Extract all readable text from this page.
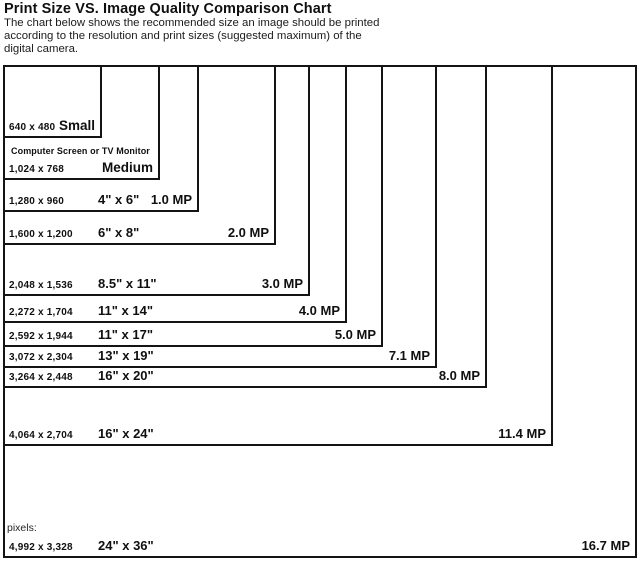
Print Size VS. Image Quality Comparison Chart
The chart below shows the recommended size an image should be printed
according to the resolution and print sizes (suggested maximum) of the
digital camera.
640 x 480 Small
1,024 x 768	Medium
Computer Screen or TV Monitor
1,280 x 960	4" x 6" 1.0 MP
1,600 x 1,200	6" x 8"	2.0 MP
2,048 x 1,536	8.5" x 11"	3.0 MP
2,272 x 1,704	11" x 14"	4.0 MP
2,592 x 1,944	11" x 17"	5.0 MP
3,072 x 2,304	13" x 19"	7.1 MP
3,264 x 2,448	16" x 20"	8.0 MP
4,064 x 2,704	16" x 24"	11.4 MP
4,992 x 3,328	24" x 36"	16.7 MP
pixels:
